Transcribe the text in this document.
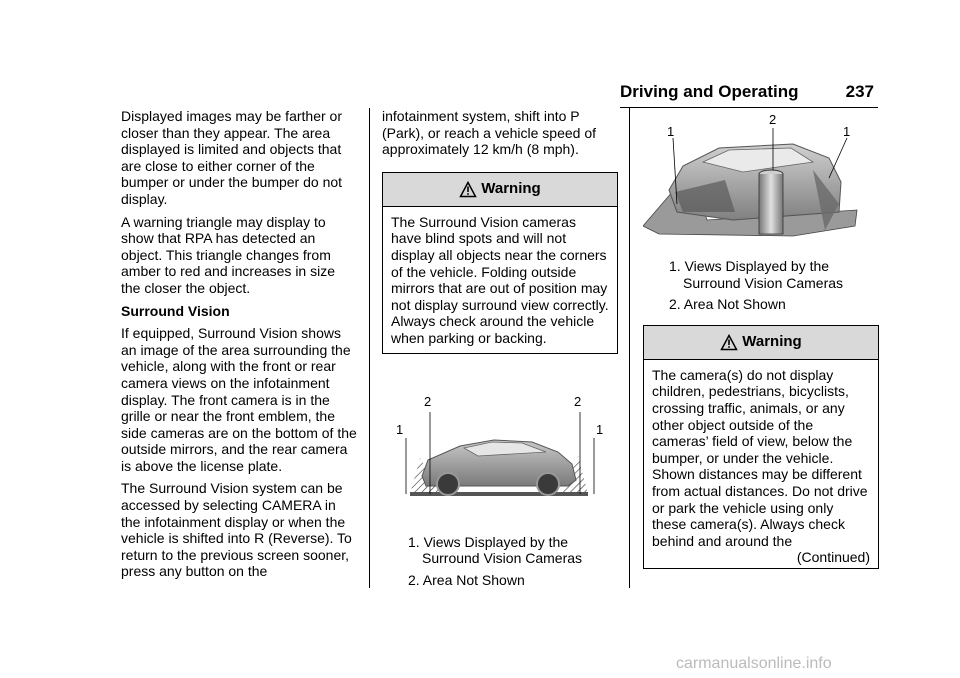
Driving and Operating	237

Displayed images may be farther or closer than they appear. The area displayed is limited and objects that are close to either corner of the bumper or under the bumper do not display.

A warning triangle may display to show that RPA has detected an object. This triangle changes from amber to red and increases in size the closer the object.

Surround Vision

If equipped, Surround Vision shows an image of the area surrounding the vehicle, along with the front or rear camera views on the infotainment display. The front camera is in the grille or near the front emblem, the side cameras are on the bottom of the outside mirrors, and the rear camera is above the license plate.

The Surround Vision system can be accessed by selecting CAMERA in the infotainment display or when the vehicle is shifted into R (Reverse). To return to the previous screen sooner, press any button on the

infotainment system, shift into P (Park), or reach a vehicle speed of approximately 12 km/h (8 mph).

Warning

The Surround Vision cameras have blind spots and will not display all objects near the corners of the vehicle. Folding outside mirrors that are out of position may not display surround view correctly. Always check around the vehicle when parking or backing.

1
2	2
1
1. Views Displayed by the Surround Vision Cameras
2. Area Not Shown
1
2
1
1. Views Displayed by the Surround Vision Cameras
2. Area Not Shown
Warning

The camera(s) do not display children, pedestrians, bicyclists, crossing traffic, animals, or any other object outside of the cameras’ field of view, below the bumper, or under the vehicle. Shown distances may be different from actual distances. Do not drive or park the vehicle using only these camera(s). Always check behind and around the

(Continued)

carmanualsonline.info
